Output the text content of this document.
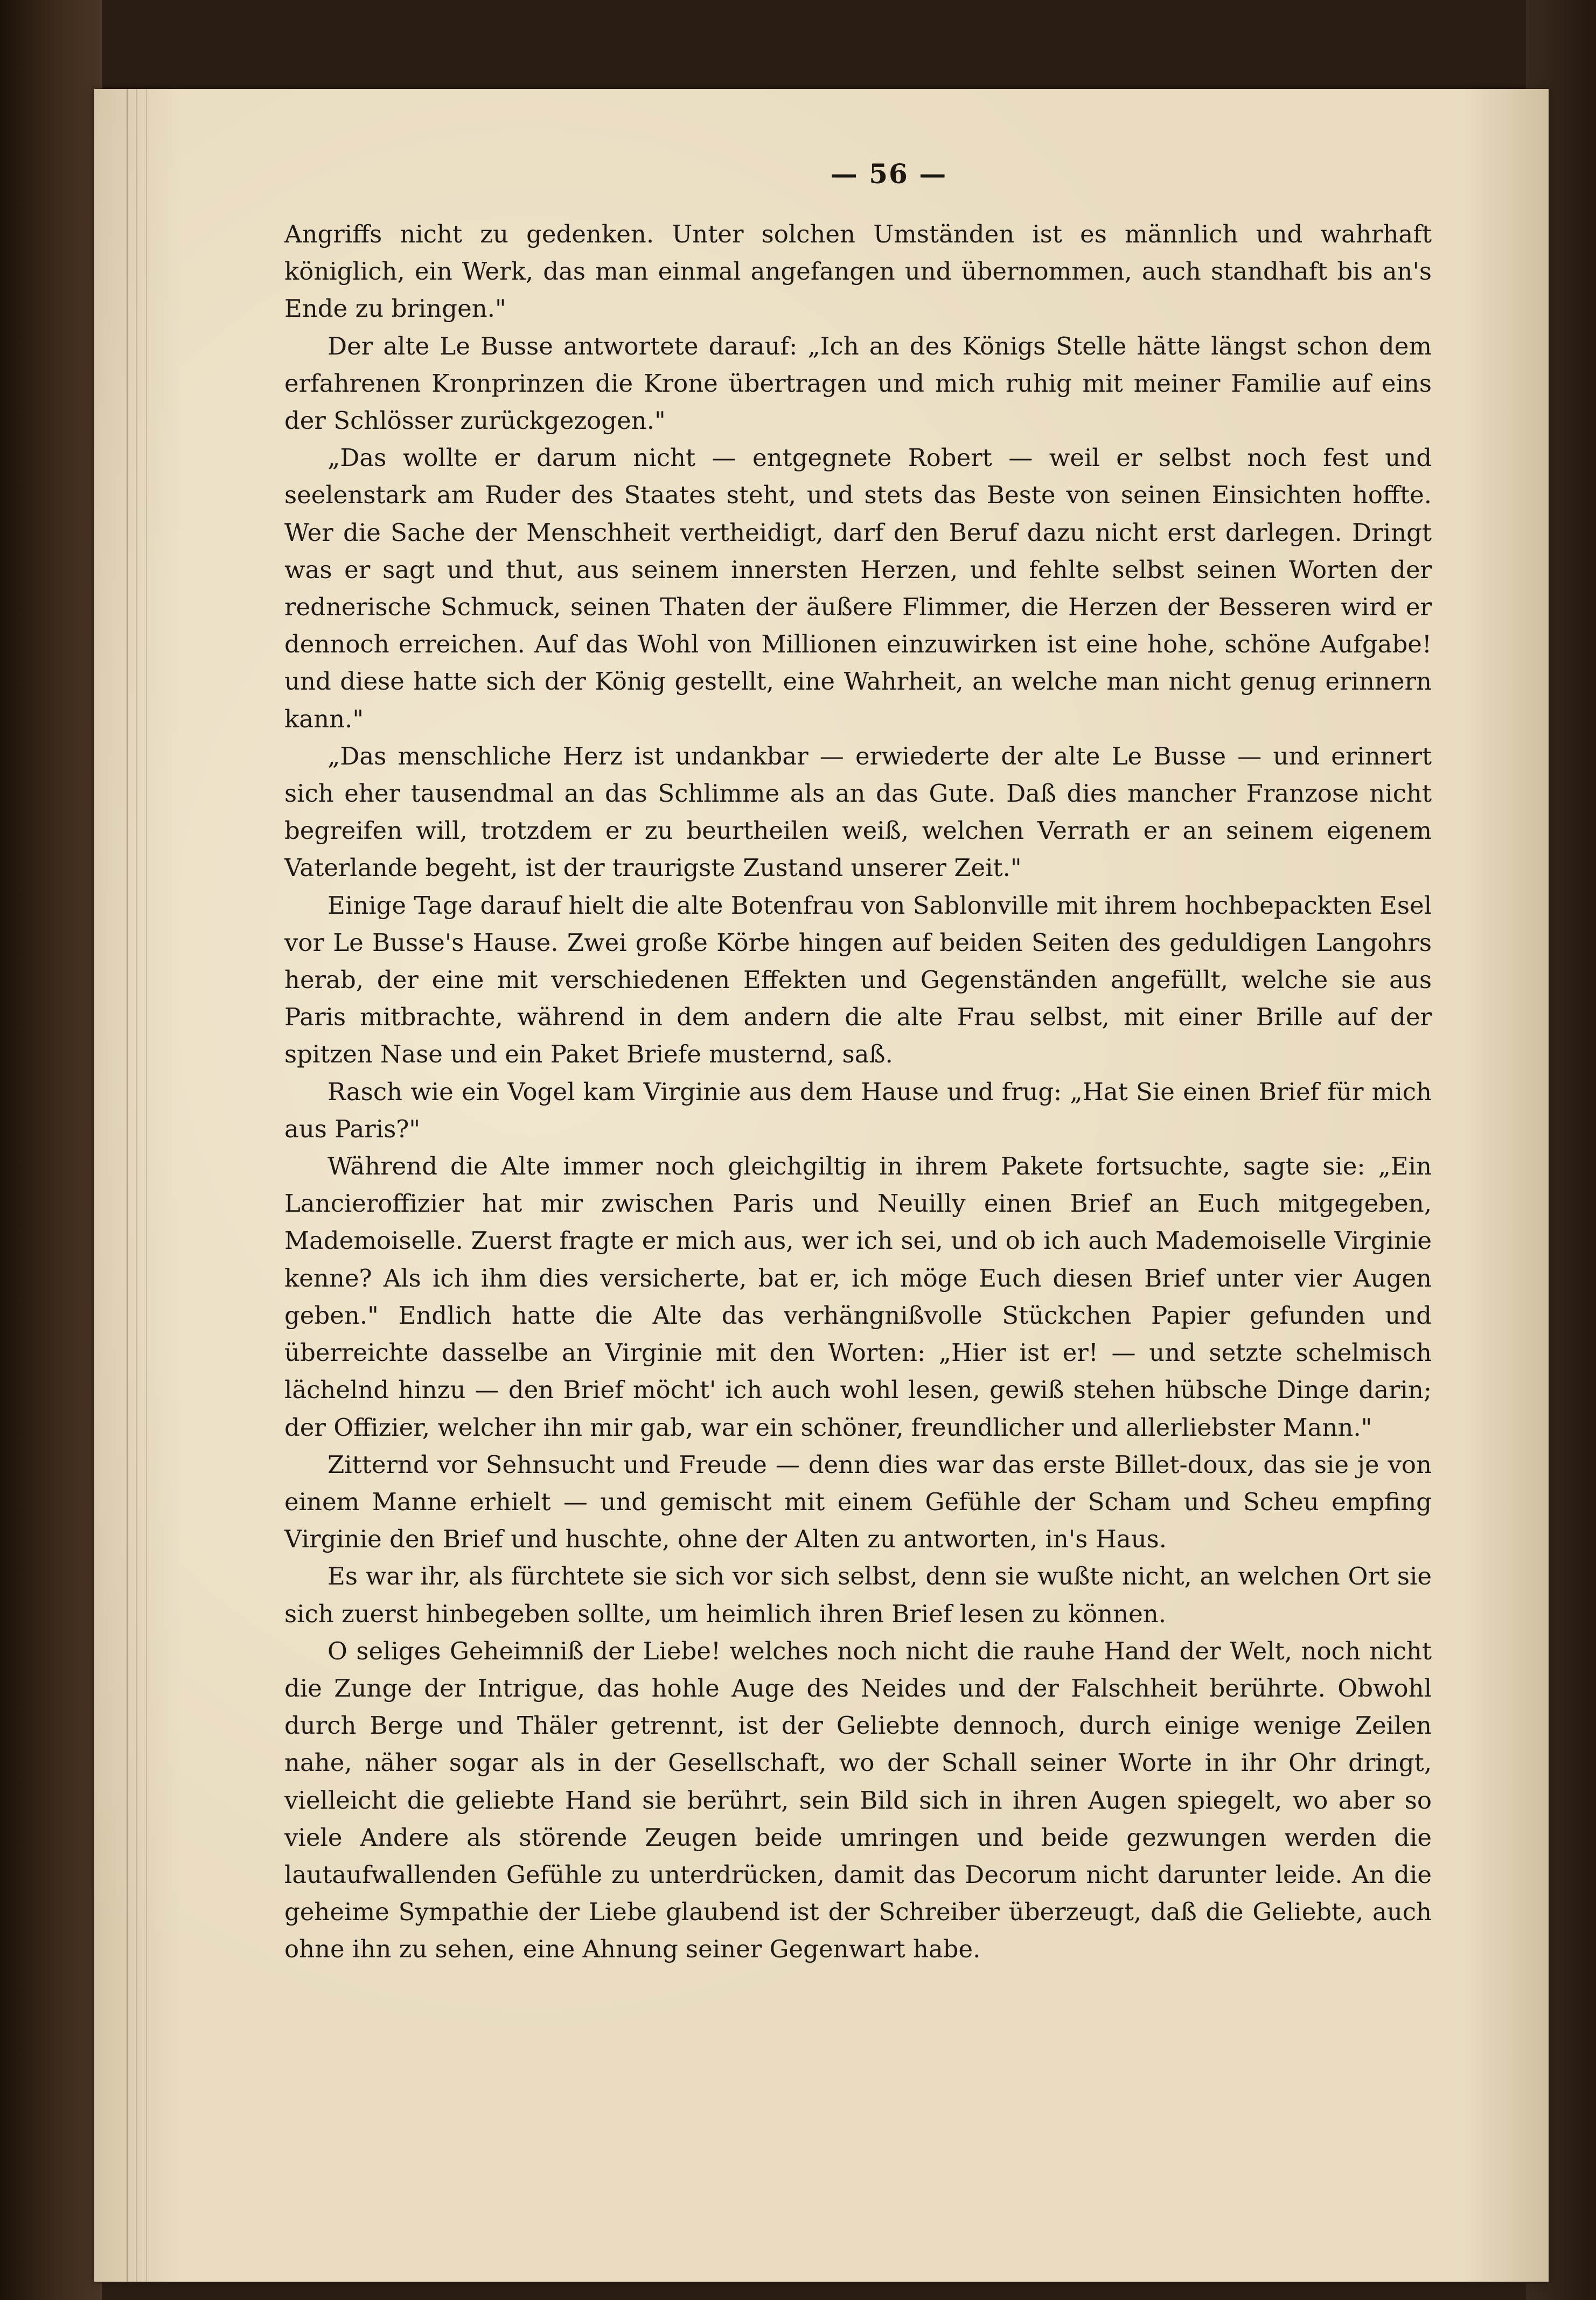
— 56 —

Angriffs nicht zu gedenken. Unter solchen Umständen ist es männlich und wahrhaft königlich, ein Werk, das man einmal angefangen und übernommen, auch standhaft bis an's Ende zu bringen."

Der alte Le Busse antwortete darauf: „Ich an des Königs Stelle hätte längst schon dem erfahrenen Kronprinzen die Krone übertragen und mich ruhig mit meiner Familie auf eins der Schlösser zurückgezogen."

„Das wollte er darum nicht — entgegnete Robert — weil er selbst noch fest und seelenstark am Ruder des Staates steht, und stets das Beste von seinen Einsichten hoffte. Wer die Sache der Menschheit vertheidigt, darf den Beruf dazu nicht erst darlegen. Dringt was er sagt und thut, aus seinem innersten Herzen, und fehlte selbst seinen Worten der rednerische Schmuck, seinen Thaten der äußere Flimmer, die Herzen der Besseren wird er dennoch erreichen. Auf das Wohl von Millionen einzuwirken ist eine hohe, schöne Aufgabe! und diese hatte sich der König gestellt, eine Wahrheit, an welche man nicht genug erinnern kann."

„Das menschliche Herz ist undankbar — erwiederte der alte Le Busse — und erinnert sich eher tausendmal an das Schlimme als an das Gute. Daß dies mancher Franzose nicht begreifen will, trotzdem er zu beurtheilen weiß, welchen Verrath er an seinem eigenem Vaterlande begeht, ist der traurigste Zustand unserer Zeit."

Einige Tage darauf hielt die alte Botenfrau von Sablonville mit ihrem hochbepackten Esel vor Le Busse's Hause. Zwei große Körbe hingen auf beiden Seiten des geduldigen Langohrs herab, der eine mit verschiedenen Effekten und Gegenständen angefüllt, welche sie aus Paris mitbrachte, während in dem andern die alte Frau selbst, mit einer Brille auf der spitzen Nase und ein Paket Briefe musternd, saß.

Rasch wie ein Vogel kam Virginie aus dem Hause und frug: „Hat Sie einen Brief für mich aus Paris?"

Während die Alte immer noch gleichgiltig in ihrem Pakete fortsuchte, sagte sie: „Ein Lancieroffizier hat mir zwischen Paris und Neuilly einen Brief an Euch mitgegeben, Mademoiselle. Zuerst fragte er mich aus, wer ich sei, und ob ich auch Mademoiselle Virginie kenne? Als ich ihm dies versicherte, bat er, ich möge Euch diesen Brief unter vier Augen geben." Endlich hatte die Alte das verhängnißvolle Stückchen Papier gefunden und überreichte dasselbe an Virginie mit den Worten: „Hier ist er! — und setzte schelmisch lächelnd hinzu — den Brief möcht' ich auch wohl lesen, gewiß stehen hübsche Dinge darin; der Offizier, welcher ihn mir gab, war ein schöner, freundlicher und allerliebster Mann."

Zitternd vor Sehnsucht und Freude — denn dies war das erste Billet-doux, das sie je von einem Manne erhielt — und gemischt mit einem Gefühle der Scham und Scheu empfing Virginie den Brief und huschte, ohne der Alten zu antworten, in's Haus.

Es war ihr, als fürchtete sie sich vor sich selbst, denn sie wußte nicht, an welchen Ort sie sich zuerst hinbegeben sollte, um heimlich ihren Brief lesen zu können.

O seliges Geheimniß der Liebe! welches noch nicht die rauhe Hand der Welt, noch nicht die Zunge der Intrigue, das hohle Auge des Neides und der Falschheit berührte. Obwohl durch Berge und Thäler getrennt, ist der Geliebte dennoch, durch einige wenige Zeilen nahe, näher sogar als in der Gesellschaft, wo der Schall seiner Worte in ihr Ohr dringt, vielleicht die geliebte Hand sie berührt, sein Bild sich in ihren Augen spiegelt, wo aber so viele Andere als störende Zeugen beide umringen und beide gezwungen werden die lautaufwallenden Gefühle zu unterdrücken, damit das Decorum nicht darunter leide. An die geheime Sympathie der Liebe glaubend ist der Schreiber überzeugt, daß die Geliebte, auch ohne ihn zu sehen, eine Ahnung seiner Gegenwart habe.
